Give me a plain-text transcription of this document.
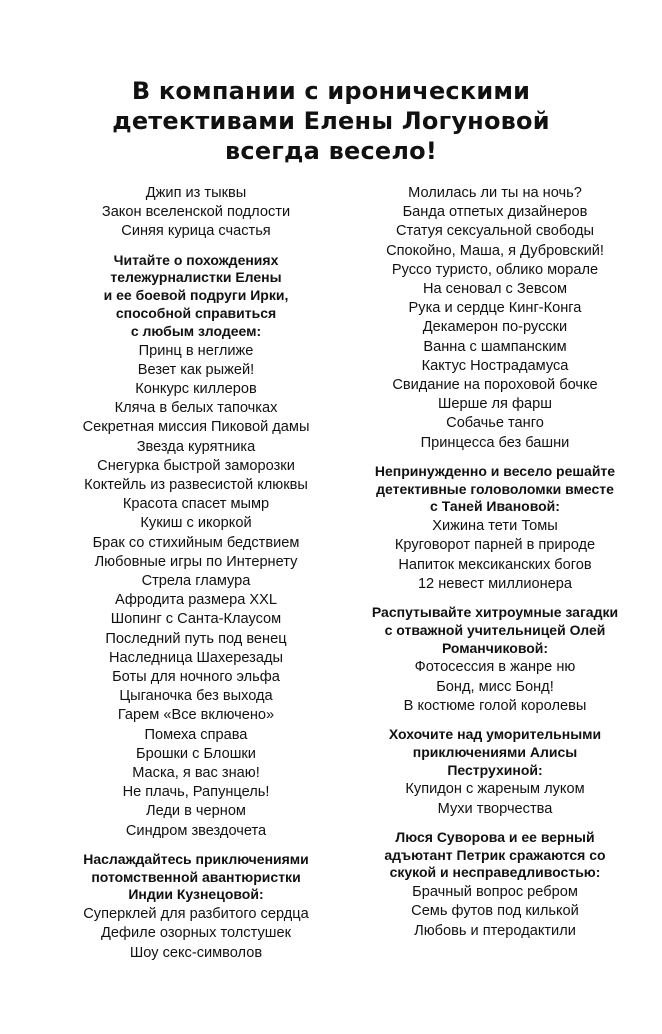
В компании с ироническими
детективами Елены Логуновой
всегда весело!
Джип из тыквы
Закон вселенской подлости
Синяя курица счастья
Читайте о похождениях
тележурналистки Елены
и ее боевой подруги Ирки,
способной справиться
с любым злодеем:
Принц в неглиже
Везет как рыжей!
Конкурс киллеров
Кляча в белых тапочках
Секретная миссия Пиковой дамы
Звезда курятника
Снегурка быстрой заморозки
Коктейль из развесистой клюквы
Красота спасет мымр
Кукиш с икоркой
Брак со стихийным бедствием
Любовные игры по Интернету
Стрела гламура
Афродита размера XXL
Шопинг с Санта-Клаусом
Последний путь под венец
Наследница Шахерезады
Боты для ночного эльфа
Цыганочка без выхода
Гарем «Все включено»
Помеха справа
Брошки с Блошки
Маска, я вас знаю!
Не плачь, Рапунцель!
Леди в черном
Синдром звездочета
Наслаждайтесь приключениями
потомственной авантюристки
Индии Кузнецовой:
Суперклей для разбитого сердца
Дефиле озорных толстушек
Шоу секс-символов
Молилась ли ты на ночь?
Банда отпетых дизайнеров
Статуя сексуальной свободы
Спокойно, Маша, я Дубровский!
Руссо туристо, облико морале
На сеновал с Зевсом
Рука и сердце Кинг-Конга
Декамерон по-русски
Ванна с шампанским
Кактус Нострадамуса
Свидание на пороховой бочке
Шерше ля фарш
Собачье танго
Принцесса без башни
Непринужденно и весело решайте
детективные головоломки вместе
с Таней Ивановой:
Хижина тети Томы
Круговорот парней в природе
Напиток мексиканских богов
12 невест миллионера
Распутывайте хитроумные загадки
с отважной учительницей Олей
Романчиковой:
Фотосессия в жанре ню
Бонд, мисс Бонд!
В костюме голой королевы
Хохочите над уморительными
приключениями Алисы
Пеструхиной:
Купидон с жареным луком
Мухи творчества
Люся Суворова и ее верный
адъютант Петрик сражаются со
скукой и несправедливостью:
Брачный вопрос ребром
Семь футов под килькой
Любовь и птеродактили
